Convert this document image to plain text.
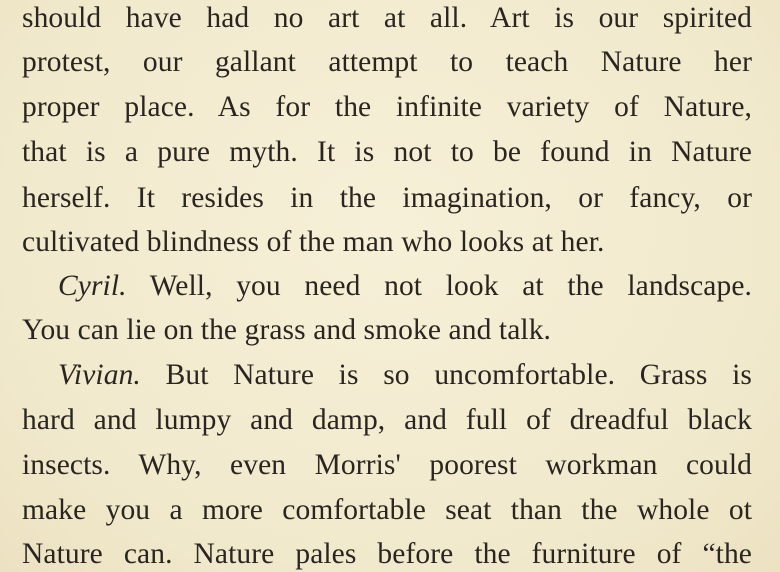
should have had no art at all. Art is our spirited
protest, our gallant attempt to teach Nature her
proper place. As for the infinite variety of Nature,
that is a pure myth. It is not to be found in Nature
herself. It resides in the imagination, or fancy, or
cultivated blindness of the man who looks at her.
Cyril. Well, you need not look at the landscape.
You can lie on the grass and smoke and talk.
Vivian. But Nature is so uncomfortable. Grass is
hard and lumpy and damp, and full of dreadful black
insects. Why, even Morris' poorest workman could
make you a more comfortable seat than the whole ot
Nature can. Nature pales before the furniture of “the
